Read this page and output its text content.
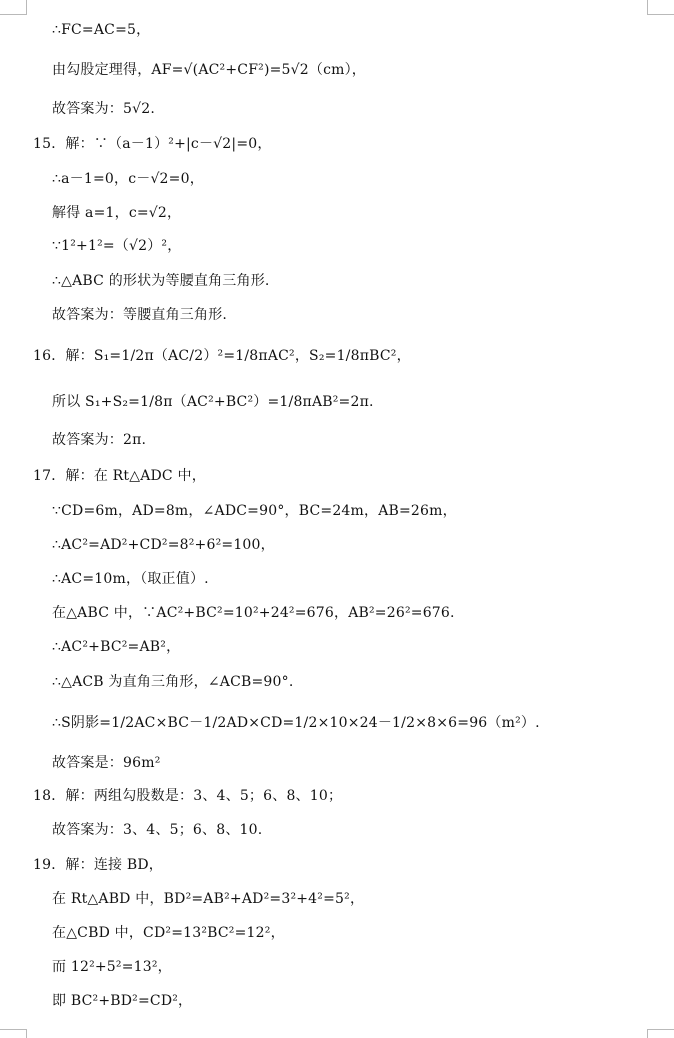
∴FC=AC=5，
由勾股定理得，AF=√(AC²+CF²)=5√2（cm），
故答案为：5√2.
15．解：∵（a－1）²+|c－√2|=0，
∴a－1=0，c－√2=0，
解得 a=1，c=√2，
∵1²+1²=（√2）²，
∴△ABC 的形状为等腰直角三角形.
故答案为：等腰直角三角形.
16．解：S₁=1/2π（AC/2）²=1/8πAC²，S₂=1/8πBC²，
所以 S₁+S₂=1/8π（AC²+BC²）=1/8πAB²=2π.
故答案为：2π.
17．解：在 Rt△ADC 中，
∵CD=6m，AD=8m，∠ADC=90°，BC=24m，AB=26m，
∴AC²=AD²+CD²=8²+6²=100，
∴AC=10m，（取正值）.
在△ABC 中，∵AC²+BC²=10²+24²=676，AB²=26²=676.
∴AC²+BC²=AB²，
∴△ACB 为直角三角形，∠ACB=90°.
∴S阴影=1/2AC×BC－1/2AD×CD=1/2×10×24－1/2×8×6=96（m²）.
故答案是：96m²
18．解：两组勾股数是：3、4、5；6、8、10；
故答案为：3、4、5；6、8、10.
19．解：连接 BD，
在 Rt△ABD 中，BD²=AB²+AD²=3²+4²=5²，
在△CBD 中，CD²=13²BC²=12²，
而 12²+5²=13²，
即 BC²+BD²=CD²，
